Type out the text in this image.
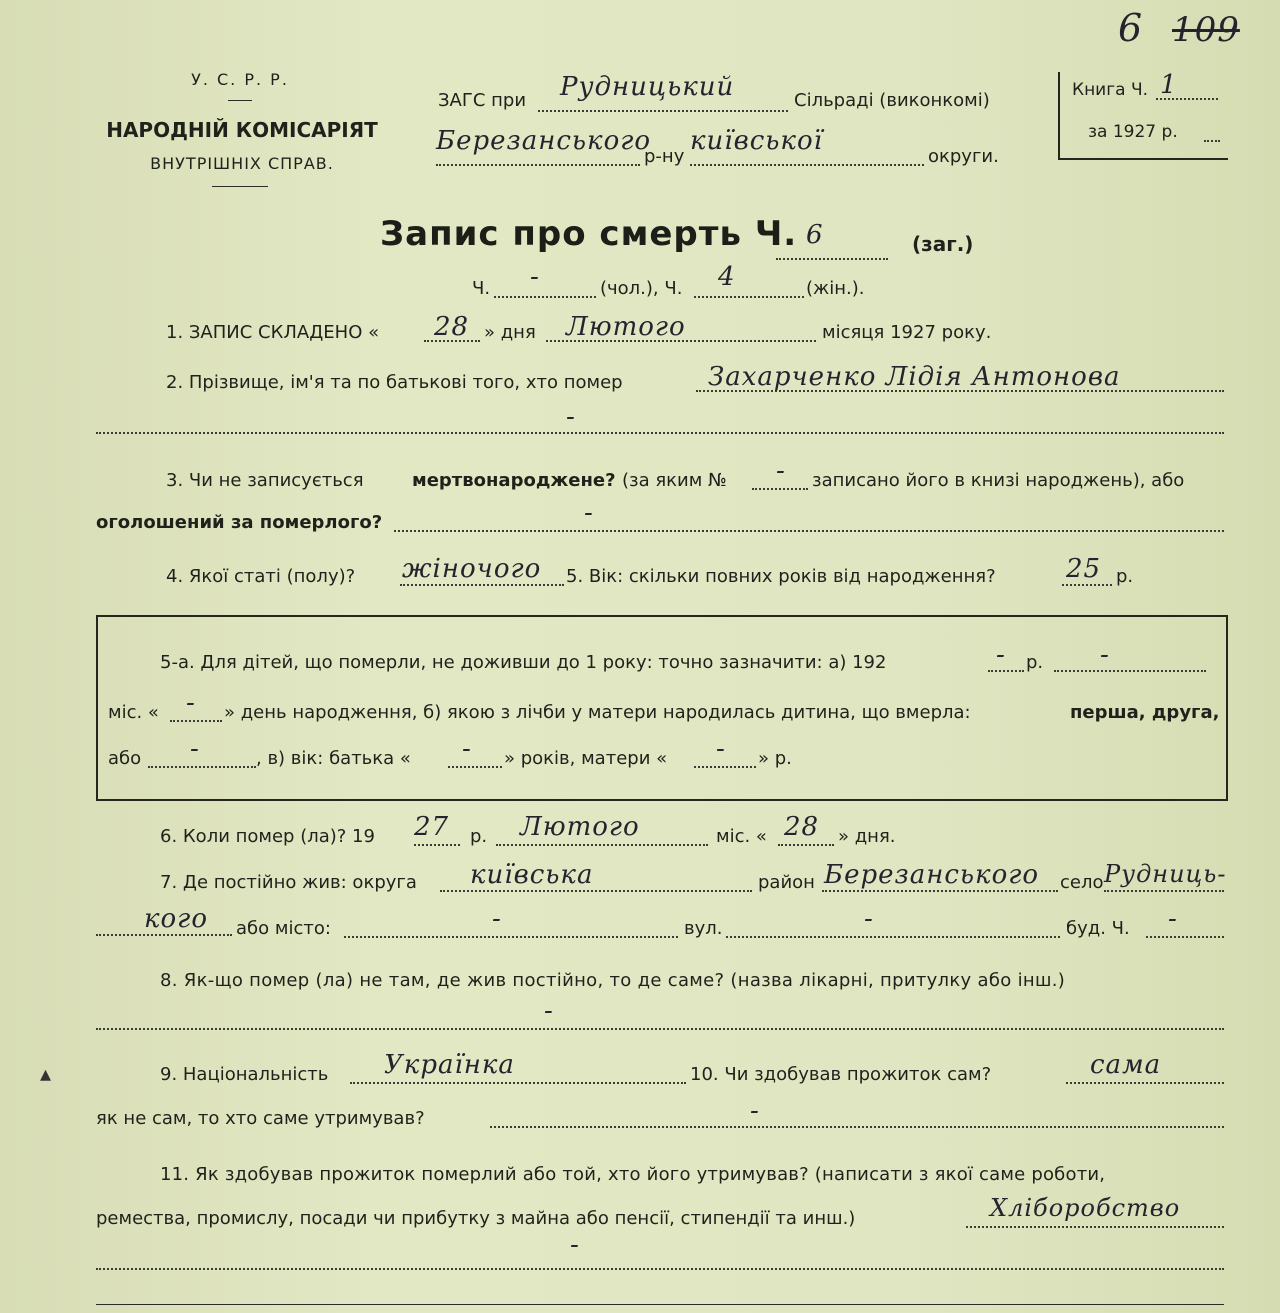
6 109
У. С. Р. Р.
НАРОДНІЙ КОМІСАРІЯТ
ВНУТРІШНІХ СПРАВ.
ЗАГС при Рудницький	Сільраді (виконкомі)
Березанського
р-ну
київської
округи.
Книга Ч. 1
за 1927 р.
Запис про смерть Ч. 6	(заг.)
Ч. -	(чол.), Ч. 4	(жін.).
1. ЗАПИС СКЛАДЕНО « 28 » дня Лютого	місяця 1927 року.
2. Прізвище, ім'я та по батькові того, хто помер	Захарченко Лідія Антонова
-
3. Чи не записується	мертвонароджене? (за яким № - записано його в книзі народжень), або
оголошений за померлого?	-
4. Якої статі (полу)? жіночого 5. Вік: скільки повних років від народження?	25 р.
5-а. Для дітей, що померли, не доживши до 1 року: точно зазначити: а) 192	- р. -
міс. « - » день народження, б) якою з лічби у матери народилась дитина, що вмерла:	перша, друга,
або -	, в) вік: батька « - » років, матери « - » р.
6. Коли помер (ла)? 19 27 р. Лютого	міс. « 28 » дня.
7. Де постійно жив: округа київська	район Березанського село Рудниць-
кого або місто:	-	вул.	-	буд. Ч. -
8. Як-що помер (ла) не там, де жив постійно, то де саме? (назва лікарні, притулку або інш.)
-
▴	9. Національність Українка	10. Чи здобував прожиток сам?	сама
як не сам, то хто саме утримував?	-
11. Як здобував прожиток померлий або той, хто його утримував? (написати з якої саме роботи,
ремества, промислу, посади чи прибутку з майна або пенсії, стипендії та инш.)	Хліборобство
-
